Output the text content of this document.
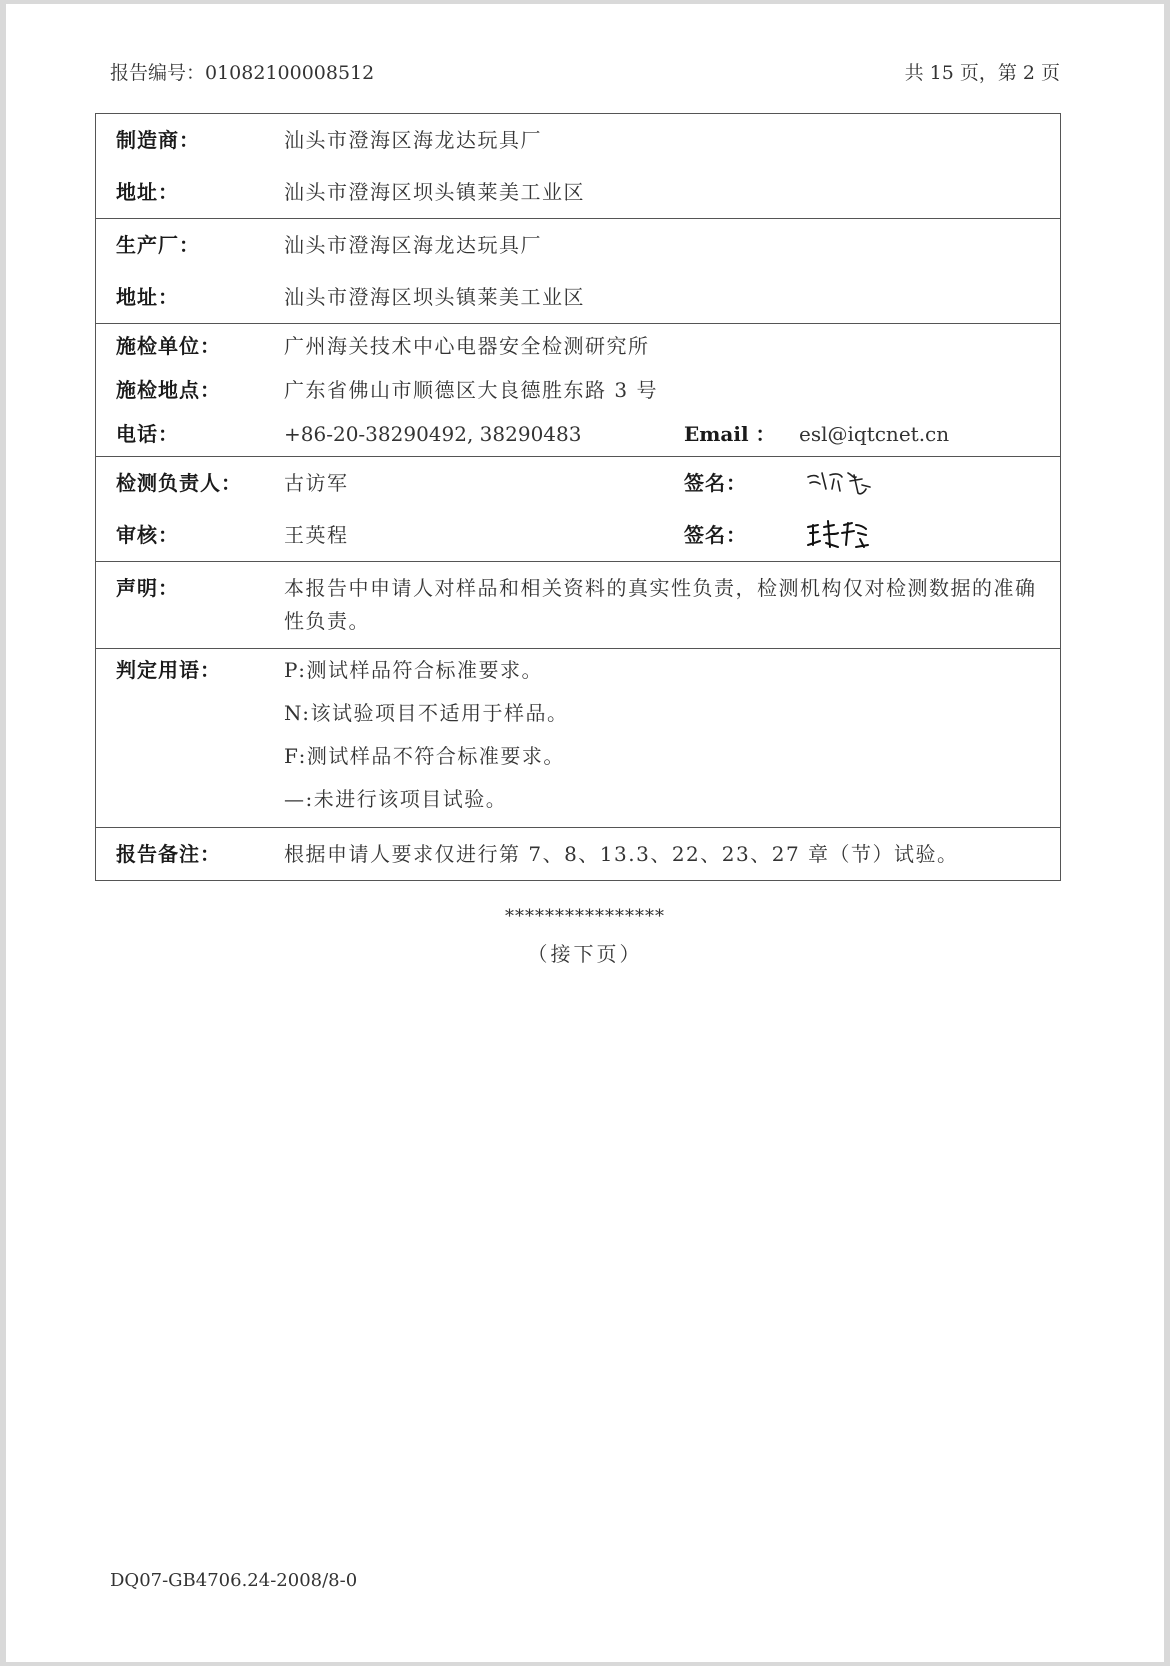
报告编号：01082100008512	共 15 页，第 2 页
制造商：	汕头市澄海区海龙达玩具厂		
地址：	汕头市澄海区坝头镇莱美工业区		
生产厂：	汕头市澄海区海龙达玩具厂		
地址：	汕头市澄海区坝头镇莱美工业区		
施检单位：	广州海关技术中心电器安全检测研究所		
施检地点：	广东省佛山市顺德区大良德胜东路 3 号		
电话：	+86-20-38290492, 38290483	Email ：	esl@iqtcnet.cn
检测负责人：	古访军	签名：	

审核：	王英程	签名：	

声明：	本报告中申请人对样品和相关资料的真实性负责，检测机构仅对检测数据的准确性负责。		
判定用语：	P:测试样品符合标准要求。
N:该试验项目不适用于样品。
F:测试样品不符合标准要求。
—:未进行该项目试验。		

报告备注：	根据申请人要求仅进行第 7、8、13.3、22、23、27 章（节）试验。		
****************
（接下页）
DQ07-GB4706.24-2008/8-0
